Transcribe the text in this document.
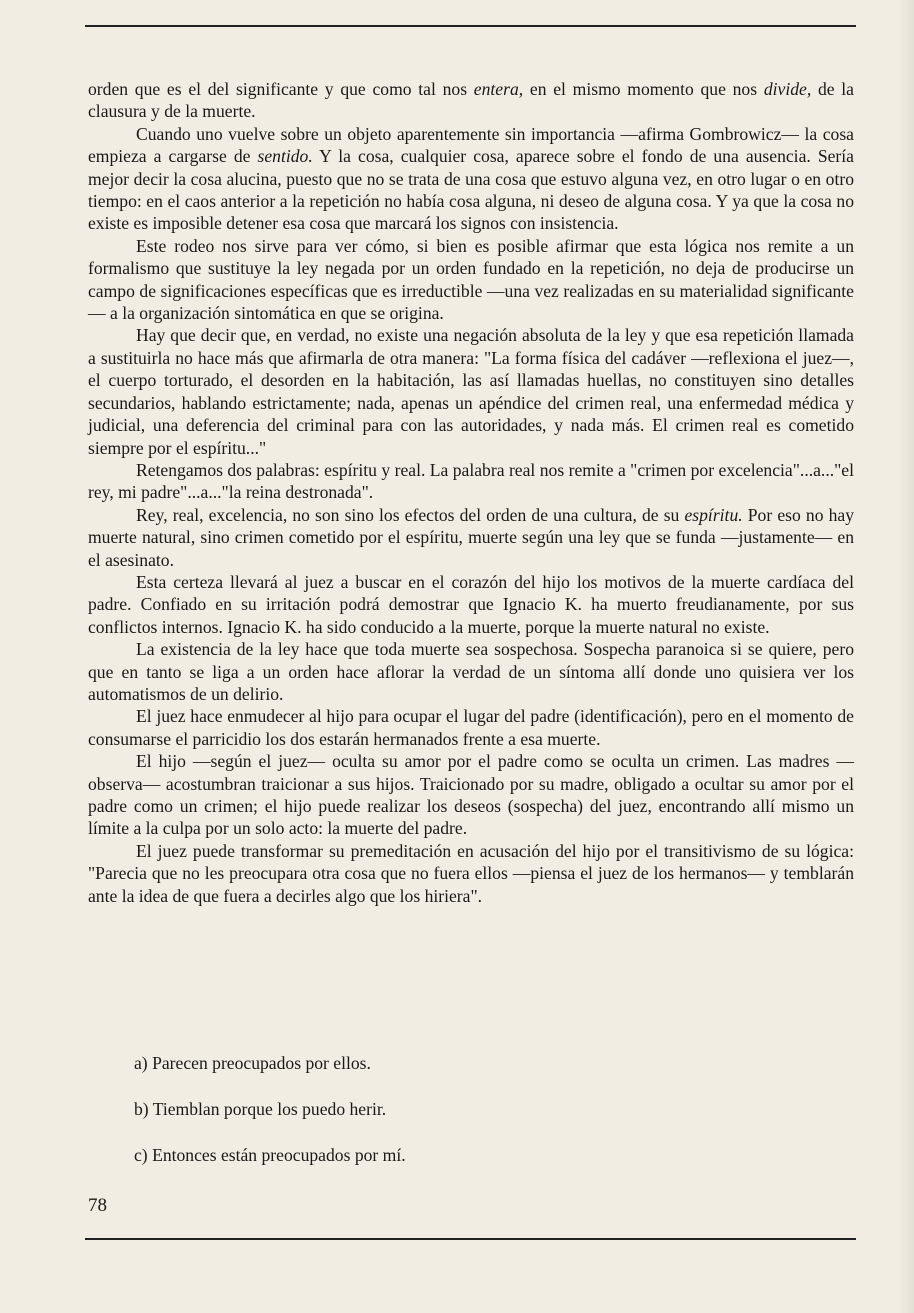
orden que es el del significante y que como tal nos entera, en el mismo momento que nos divide, de la clausura y de la muerte.

Cuando uno vuelve sobre un objeto aparentemente sin importancia —afirma Gombrowicz— la cosa empieza a cargarse de sentido. Y la cosa, cualquier cosa, aparece sobre el fondo de una ausencia. Sería mejor decir la cosa alucina, puesto que no se trata de una cosa que estuvo alguna vez, en otro lugar o en otro tiempo: en el caos anterior a la repetición no había cosa alguna, ni deseo de alguna cosa. Y ya que la cosa no existe es imposible detener esa cosa que marcará los signos con insistencia.

Este rodeo nos sirve para ver cómo, si bien es posible afirmar que esta lógica nos remite a un formalismo que sustituye la ley negada por un orden fundado en la repetición, no deja de producirse un campo de significaciones específicas que es irreductible —una vez realizadas en su materialidad significante— a la organización sintomática en que se origina.

Hay que decir que, en verdad, no existe una negación absoluta de la ley y que esa repetición llamada a sustituirla no hace más que afirmarla de otra manera: "La forma física del cadáver —reflexiona el juez—, el cuerpo torturado, el desorden en la habitación, las así llamadas huellas, no constituyen sino detalles secundarios, hablando estrictamente; nada, apenas un apéndice del crimen real, una enfermedad médica y judicial, una deferencia del criminal para con las autoridades, y nada más. El crimen real es cometido siempre por el espíritu..."

Retengamos dos palabras: espíritu y real. La palabra real nos remite a "crimen por excelencia"...a..."el rey, mi padre"...a..."la reina destronada".

Rey, real, excelencia, no son sino los efectos del orden de una cultura, de su espíritu. Por eso no hay muerte natural, sino crimen cometido por el espíritu, muerte según una ley que se funda —justamente— en el asesinato.

Esta certeza llevará al juez a buscar en el corazón del hijo los motivos de la muerte cardíaca del padre. Confiado en su irritación podrá demostrar que Ignacio K. ha muerto freudianamente, por sus conflictos internos. Ignacio K. ha sido conducido a la muerte, porque la muerte natural no existe.

La existencia de la ley hace que toda muerte sea sospechosa. Sospecha paranoica si se quiere, pero que en tanto se liga a un orden hace aflorar la verdad de un síntoma allí donde uno quisiera ver los automatismos de un delirio.

El juez hace enmudecer al hijo para ocupar el lugar del padre (identificación), pero en el momento de consumarse el parricidio los dos estarán hermanados frente a esa muerte.

El hijo —según el juez— oculta su amor por el padre como se oculta un crimen. Las madres —observa— acostumbran traicionar a sus hijos. Traicionado por su madre, obligado a ocultar su amor por el padre como un crimen; el hijo puede realizar los deseos (sospecha) del juez, encontrando allí mismo un límite a la culpa por un solo acto: la muerte del padre.

El juez puede transformar su premeditación en acusación del hijo por el transitivismo de su lógica: "Parecia que no les preocupara otra cosa que no fuera ellos —piensa el juez de los hermanos— y temblarán ante la idea de que fuera a decirles algo que los hiriera".

a) Parecen preocupados por ellos.
b) Tiemblan porque los puedo herir.
c) Entonces están preocupados por mí.
78
